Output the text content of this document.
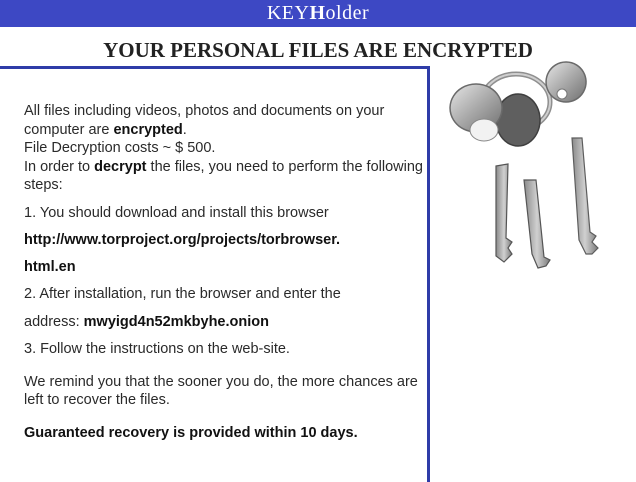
KEYHolder
YOUR PERSONAL FILES ARE ENCRYPTED

All files including videos, photos and documents on your computer are encrypted.

File Decryption costs ~ $ 500.

In order to decrypt the files, you need to perform the following steps:

1. You should download and install this browser

http://www.torproject.org/projects/torbrowser.

html.en

2. After installation, run the browser and enter the

address: mwyigd4n52mkbyhe.onion

3. Follow the instructions on the web-site.

We remind you that the sooner you do, the more chances are left to recover the files.

Guaranteed recovery is provided within 10 days.
